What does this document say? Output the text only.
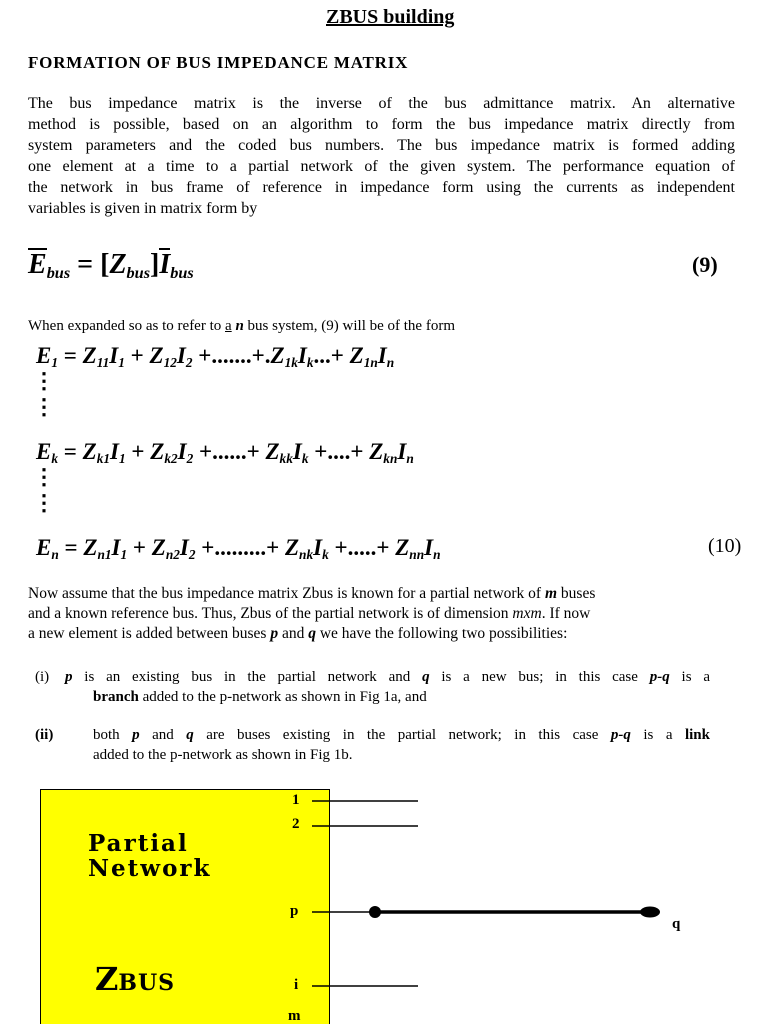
ZBUS building
FORMATION OF BUS IMPEDANCE MATRIX
The bus impedance matrix is the inverse of the bus admittance matrix. An alternative
method is possible, based on an algorithm to form the bus impedance matrix directly from
system parameters and the coded bus numbers. The bus impedance matrix is formed adding
one element at a time to a partial network of the given system. The performance equation of
the network in bus frame of reference in impedance form using the currents as independent
variables is given in matrix form by
Ebus = [Zbus]Ibus	(9)
When expanded so as to refer to a n bus system, (9) will be of the form
E1 = Z11I1 + Z12I2 +.......+.Z1kIk...+ Z1nIn
⋮
⋮
Ek = Zk1I1 + Zk2I2 +......+ ZkkIk +....+ ZknIn
⋮
⋮
En = Zn1I1 + Zn2I2 +.........+ ZnkIk +.....+ ZnnIn	(10)
Now assume that the bus impedance matrix Zbus is known for a partial network of m buses
and a known reference bus. Thus, Zbus of the partial network is of dimension mxm. If now
a new element is added between buses p and q we have the following two possibilities:
(i) p is an existing bus in the partial network and q is a new bus; in this case p-q is a
branch added to the p-network as shown in Fig 1a, and
(ii)	both p and q are buses existing in the partial network; in this case p-q is a link
added to the p-network as shown in Fig 1b.
Partial
Network
ZBUS
1
2
p
i
m
q
